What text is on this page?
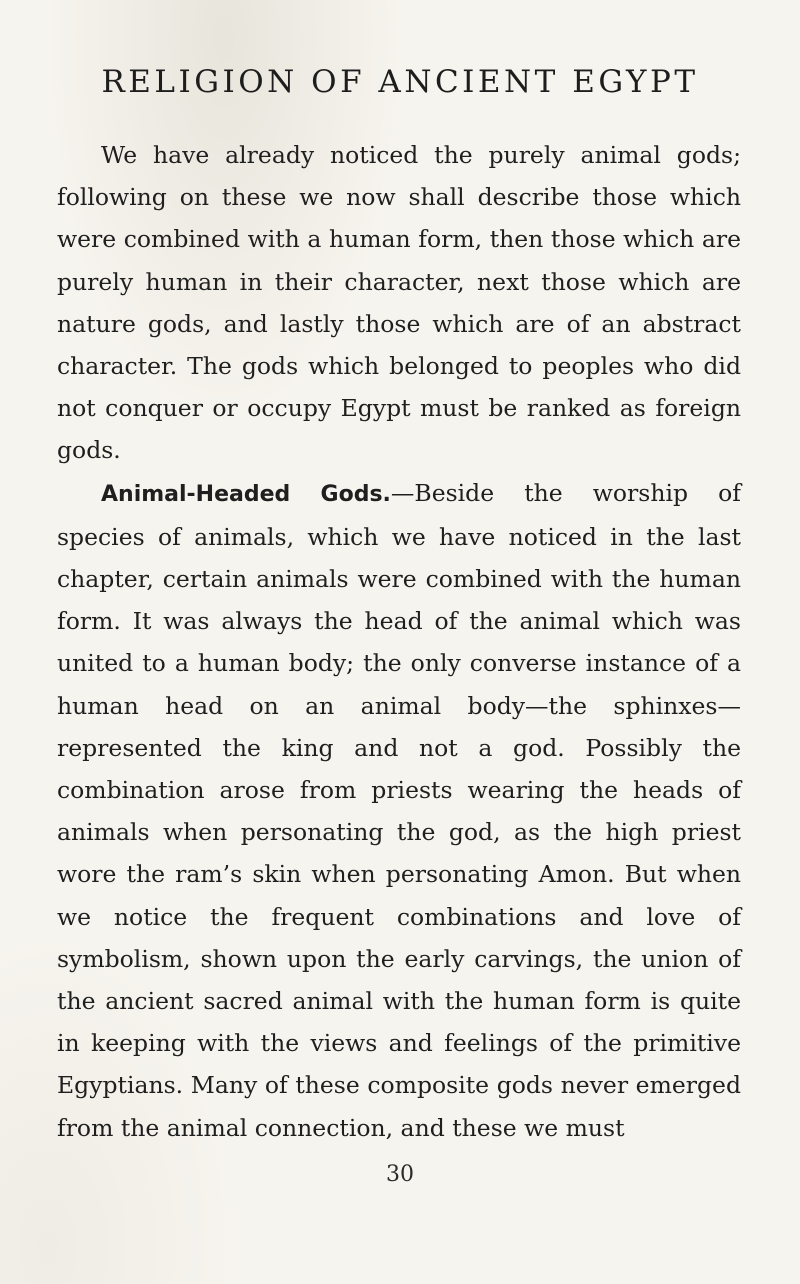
RELIGION OF ANCIENT EGYPT

We have already noticed the purely animal gods; following on these we now shall describe those which were combined with a human form, then those which are purely human in their character, next those which are nature gods, and lastly those which are of an abstract character. The gods which belonged to peoples who did not conquer or occupy Egypt must be ranked as foreign gods.

Animal-Headed Gods.—Beside the worship of species of animals, which we have noticed in the last chapter, certain animals were combined with the human form. It was always the head of the animal which was united to a human body; the only converse instance of a human head on an animal body—the sphinxes—represented the king and not a god. Possibly the combination arose from priests wearing the heads of animals when personating the god, as the high priest wore the ram’s skin when personating Amon. But when we notice the frequent combinations and love of symbolism, shown upon the early carvings, the union of the ancient sacred animal with the human form is quite in keeping with the views and feelings of the primitive Egyptians. Many of these composite gods never emerged from the animal connection, and these we must

30
